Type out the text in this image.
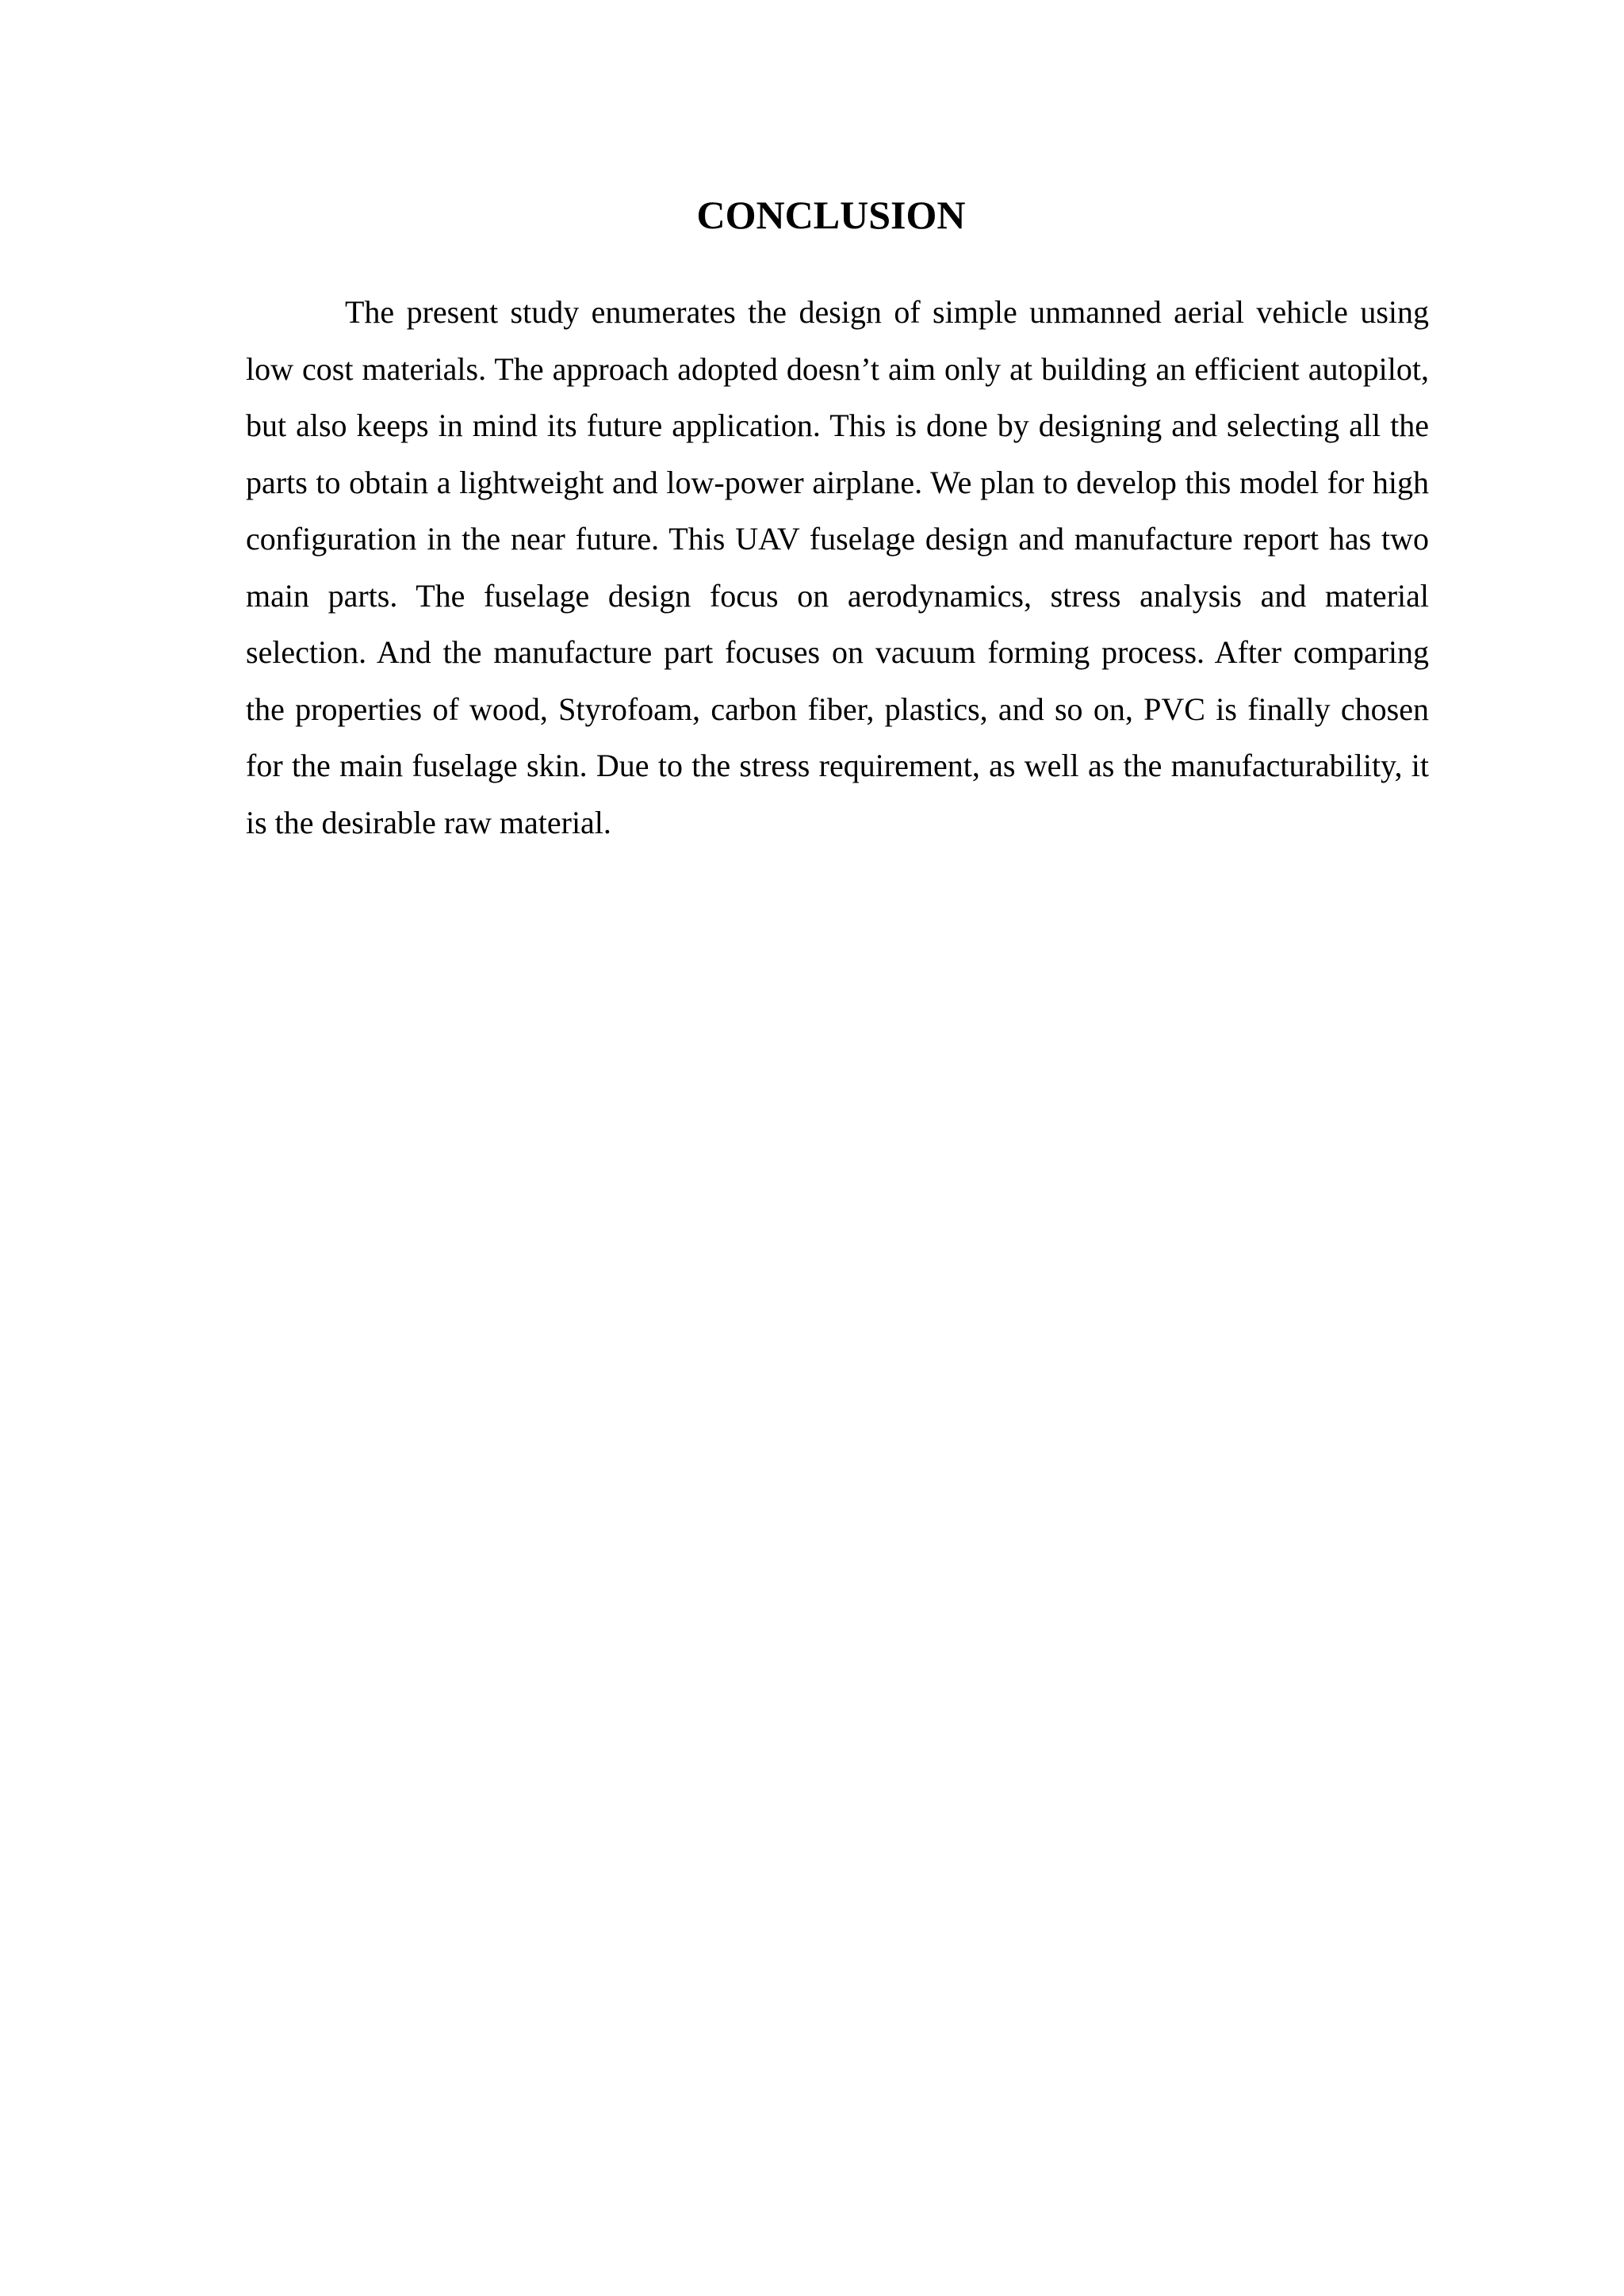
CONCLUSION

The present study enumerates the design of simple unmanned aerial vehicle using low cost materials. The approach adopted doesn’t aim only at building an efficient autopilot, but also keeps in mind its future application. This is done by designing and selecting all the parts to obtain a lightweight and low-power airplane. We plan to develop this model for high configuration in the near future. This UAV fuselage design and manufacture report has two main parts. The fuselage design focus on aerodynamics, stress analysis and material selection. And the manufacture part focuses on vacuum forming process. After comparing the properties of wood, Styrofoam, carbon fiber, plastics, and so on, PVC is finally chosen for the main fuselage skin. Due to the stress requirement, as well as the manufacturability, it is the desirable raw material.
